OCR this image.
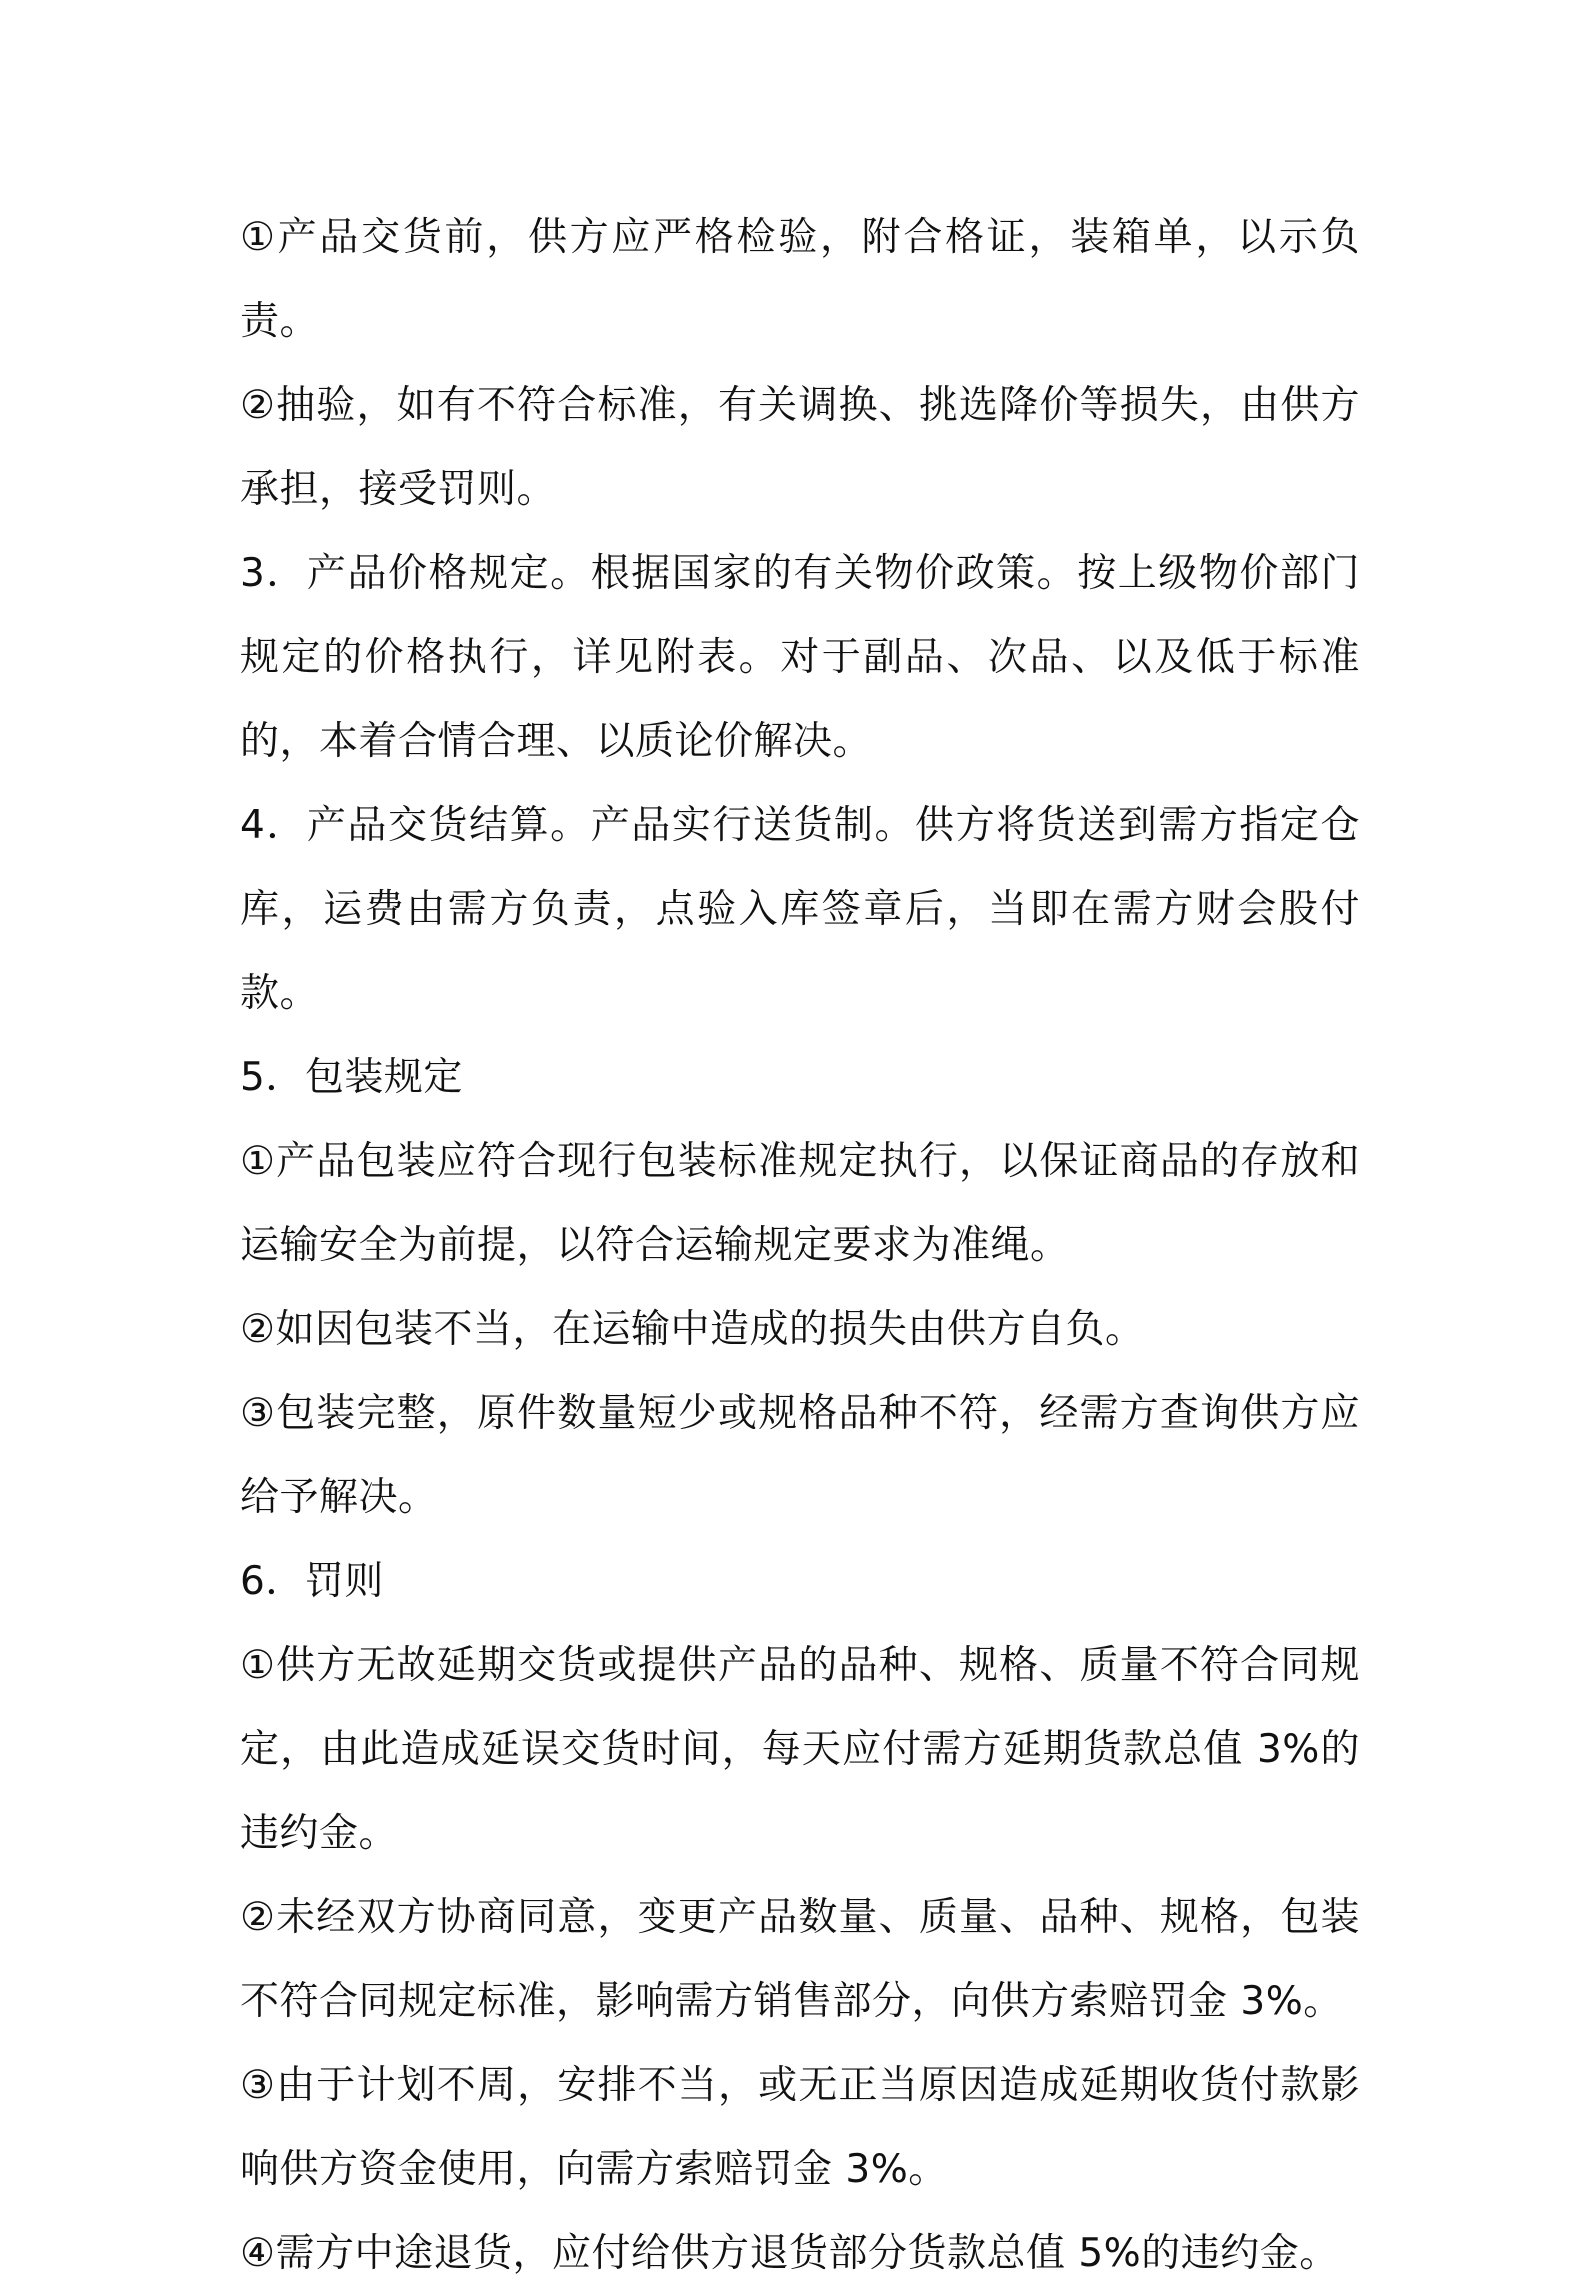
①产品交货前，供方应严格检验，附合格证，装箱单，以示负责。

②抽验，如有不符合标准，有关调换、挑选降价等损失，由供方承担，接受罚则。

3．产品价格规定。根据国家的有关物价政策。按上级物价部门规定的价格执行，详见附表。对于副品、次品、以及低于标准的，本着合情合理、以质论价解决。

4．产品交货结算。产品实行送货制。供方将货送到需方指定仓库，运费由需方负责，点验入库签章后，当即在需方财会股付款。

5．包装规定

①产品包装应符合现行包装标准规定执行，以保证商品的存放和运输安全为前提，以符合运输规定要求为准绳。

②如因包装不当，在运输中造成的损失由供方自负。

③包装完整，原件数量短少或规格品种不符，经需方查询供方应给予解决。

6．罚则

①供方无故延期交货或提供产品的品种、规格、质量不符合同规定，由此造成延误交货时间，每天应付需方延期货款总值 3%的违约金。

②未经双方协商同意，变更产品数量、质量、品种、规格，包装不符合同规定标准，影响需方销售部分，向供方索赔罚金 3%。

③由于计划不周，安排不当，或无正当原因造成延期收货付款影响供方资金使用，向需方索赔罚金 3%。

④需方中途退货，应付给供方退货部分货款总值 5%的违约金。
